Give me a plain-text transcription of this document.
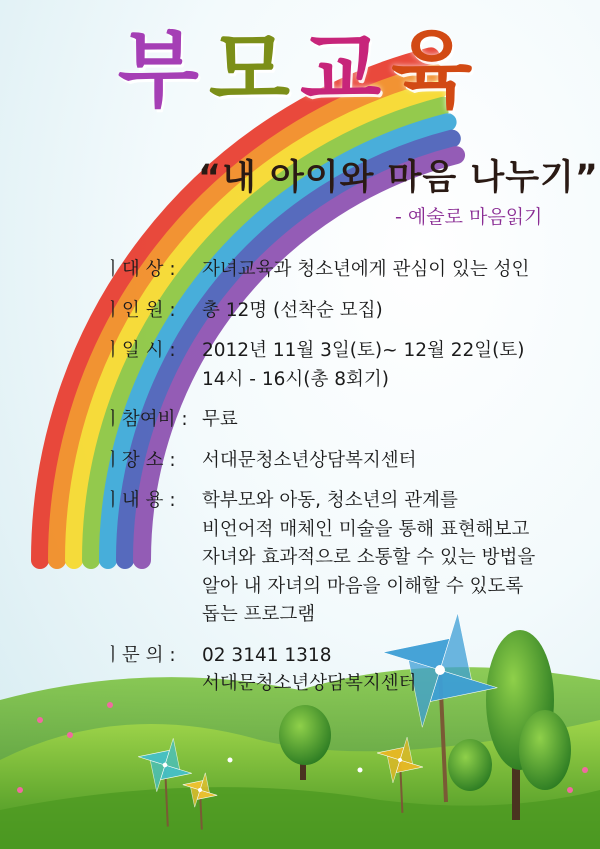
부모교육
“내 아이와 마음 나누기”
- 예술로 마음읽기
ㅣ대 상 :	자녀교육과 청소년에게 관심이 있는 성인
ㅣ인 원 :	총 12명 (선착순 모집)
ㅣ일 시 :	2012년 11월 3일(토)~ 12월 22일(토)
14시 - 16시(총 8회기)
ㅣ참여비 : 무료
ㅣ장 소 :	서대문청소년상담복지센터
ㅣ내 용 :	학부모와 아동, 청소년의 관계를
비언어적 매체인 미술을 통해 표현해보고
자녀와 효과적으로 소통할 수 있는 방법을
알아 내 자녀의 마음을 이해할 수 있도록
돕는 프로그램
ㅣ문 의 :	02 3141 1318
서대문청소년상담복지센터
